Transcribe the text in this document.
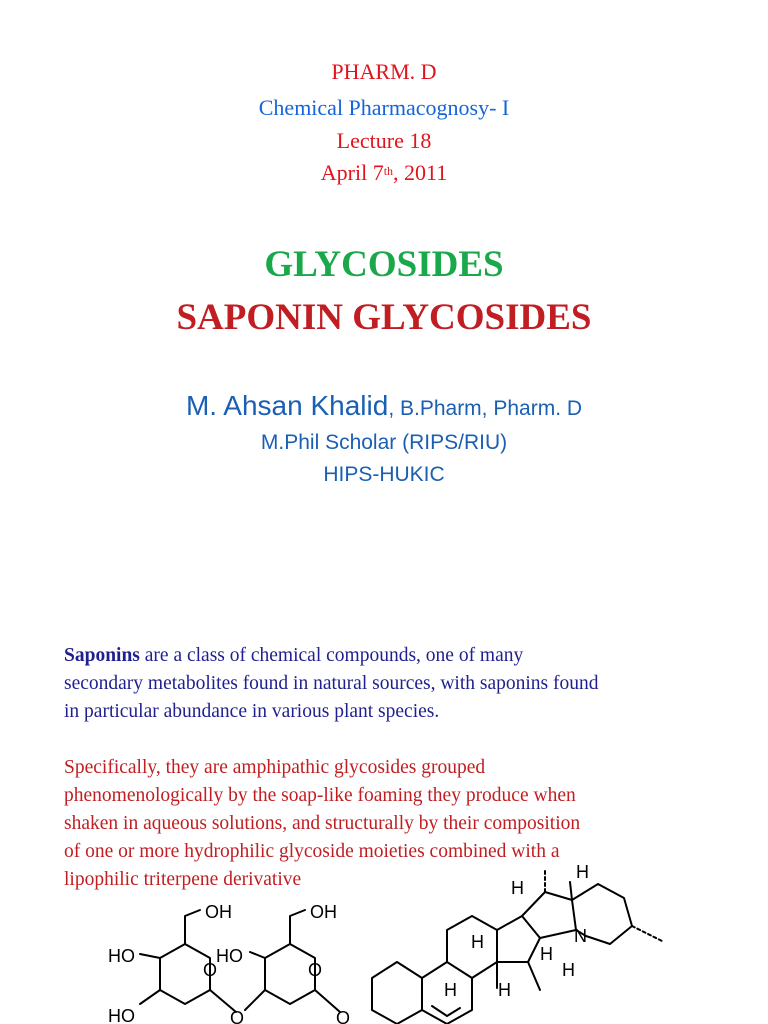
PHARM. D
Chemical Pharmacognosy- I
Lecture 18
April 7th, 2011
GLYCOSIDES
SAPONIN GLYCOSIDES
M. Ahsan Khalid, B.Pharm, Pharm. D
M.Phil Scholar (RIPS/RIU)
HIPS-HUKIC
Saponins are a class of chemical compounds, one of many
secondary metabolites found in natural sources, with saponins found
in particular abundance in various plant species.
Specifically, they are amphipathic glycosides grouped
phenomenologically by the soap-like foaming they produce when
shaken in aqueous solutions, and structurally by their composition
of one or more hydrophilic glycoside moieties combined with a
lipophilic triterpene derivative
OH	OH
HO	HO
HO
O	O
O	O
N
H
H
H
H H
H
H
